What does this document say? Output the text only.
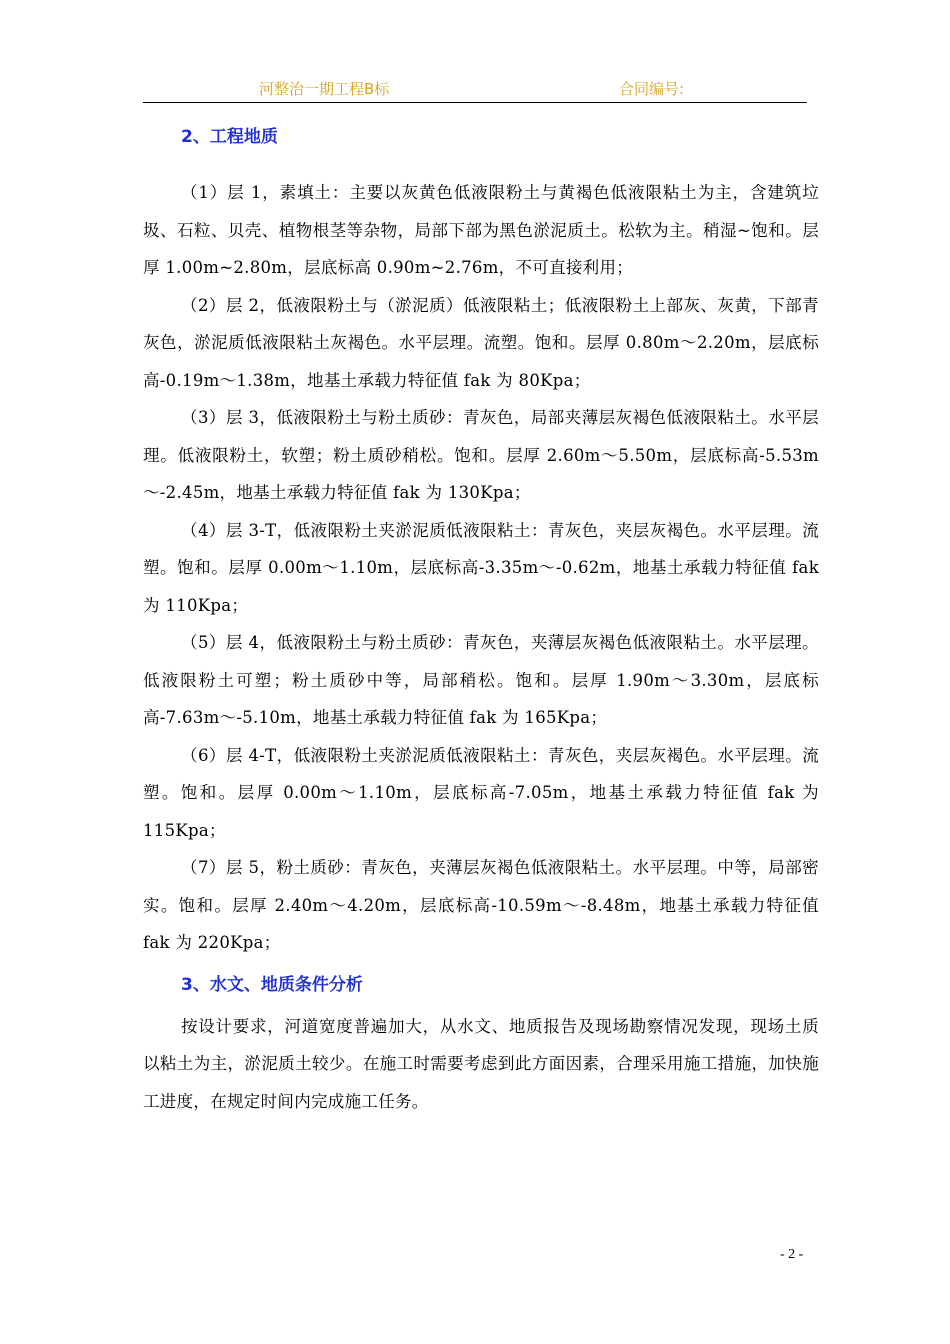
河整治一期工程B标	合同编号:
2、工程地质

（1）层 1，素填土：主要以灰黄色低液限粉土与黄褐色低液限粘土为主，含建筑垃圾、石粒、贝壳、植物根茎等杂物，局部下部为黑色淤泥质土。松软为主。稍湿~饱和。层厚 1.00m~2.80m，层底标高 0.90m~2.76m，不可直接利用；

（2）层 2，低液限粉土与（淤泥质）低液限粘土；低液限粉土上部灰、灰黄，下部青灰色，淤泥质低液限粘土灰褐色。水平层理。流塑。饱和。层厚 0.80m～2.20m，层底标高-0.19m～1.38m，地基土承载力特征值 fak 为 80Kpa；

（3）层 3，低液限粉土与粉土质砂：青灰色，局部夹薄层灰褐色低液限粘土。水平层理。低液限粉土，软塑；粉土质砂稍松。饱和。层厚 2.60m～5.50m，层底标高-5.53m～-2.45m，地基土承载力特征值 fak 为 130Kpa；

（4）层 3-T，低液限粉土夹淤泥质低液限粘土：青灰色，夹层灰褐色。水平层理。流塑。饱和。层厚 0.00m～1.10m，层底标高-3.35m～-0.62m，地基土承载力特征值 fak 为 110Kpa；

（5）层 4，低液限粉土与粉土质砂：青灰色，夹薄层灰褐色低液限粘土。水平层理。低液限粉土可塑；粉土质砂中等，局部稍松。饱和。层厚 1.90m～3.30m，层底标高-7.63m～-5.10m，地基土承载力特征值 fak 为 165Kpa；

（6）层 4-T，低液限粉土夹淤泥质低液限粘土：青灰色，夹层灰褐色。水平层理。流塑。饱和。层厚 0.00m～1.10m，层底标高-7.05m，地基土承载力特征值 fak 为 115Kpa；

（7）层 5，粉土质砂：青灰色，夹薄层灰褐色低液限粘土。水平层理。中等，局部密实。饱和。层厚 2.40m～4.20m，层底标高-10.59m～-8.48m，地基土承载力特征值 fak 为 220Kpa；

3、水文、地质条件分析

按设计要求，河道宽度普遍加大，从水文、地质报告及现场勘察情况发现，现场土质以粘土为主，淤泥质土较少。在施工时需要考虑到此方面因素，合理采用施工措施，加快施工进度，在规定时间内完成施工任务。

- 2 -
